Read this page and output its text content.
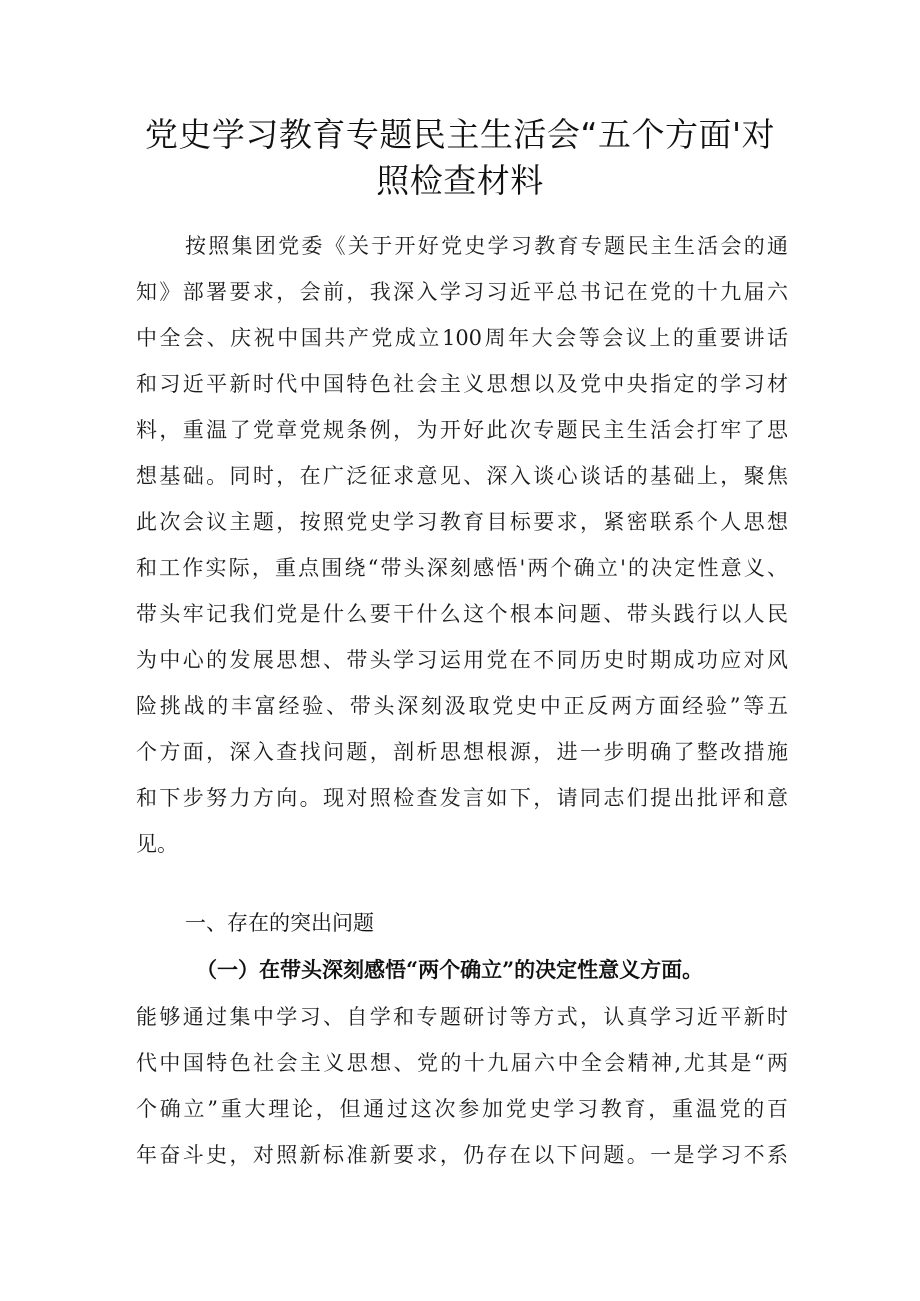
党史学习教育专题民主生活会“五个方面'对
照检查材料
按照集团党委《关于开好党史学习教育专题民主生活会的通
知》部署要求，会前，我深入学习习近平总书记在党的十九届六
中全会、庆祝中国共产党成立100周年大会等会议上的重要讲话
和习近平新时代中国特色社会主义思想以及党中央指定的学习材
料，重温了党章党规条例，为开好此次专题民主生活会打牢了思
想基础。同时，在广泛征求意见、深入谈心谈话的基础上，聚焦
此次会议主题，按照党史学习教育目标要求，紧密联系个人思想
和工作实际，重点围绕“带头深刻感悟'两个确立'的决定性意义、
带头牢记我们党是什么要干什么这个根本问题、带头践行以人民
为中心的发展思想、带头学习运用党在不同历史时期成功应对风
险挑战的丰富经验、带头深刻汲取党史中正反两方面经验”等五
个方面，深入查找问题，剖析思想根源，进一步明确了整改措施
和下步努力方向。现对照检查发言如下，请同志们提出批评和意
见。
一、存在的突出问题
（一）在带头深刻感悟“两个确立”的决定性意义方面。
能够通过集中学习、自学和专题研讨等方式，认真学习近平新时
代中国特色社会主义思想、党的十九届六中全会精神,尤其是“两
个确立”重大理论，但通过这次参加党史学习教育，重温党的百
年奋斗史，对照新标准新要求，仍存在以下问题。一是学习不系
